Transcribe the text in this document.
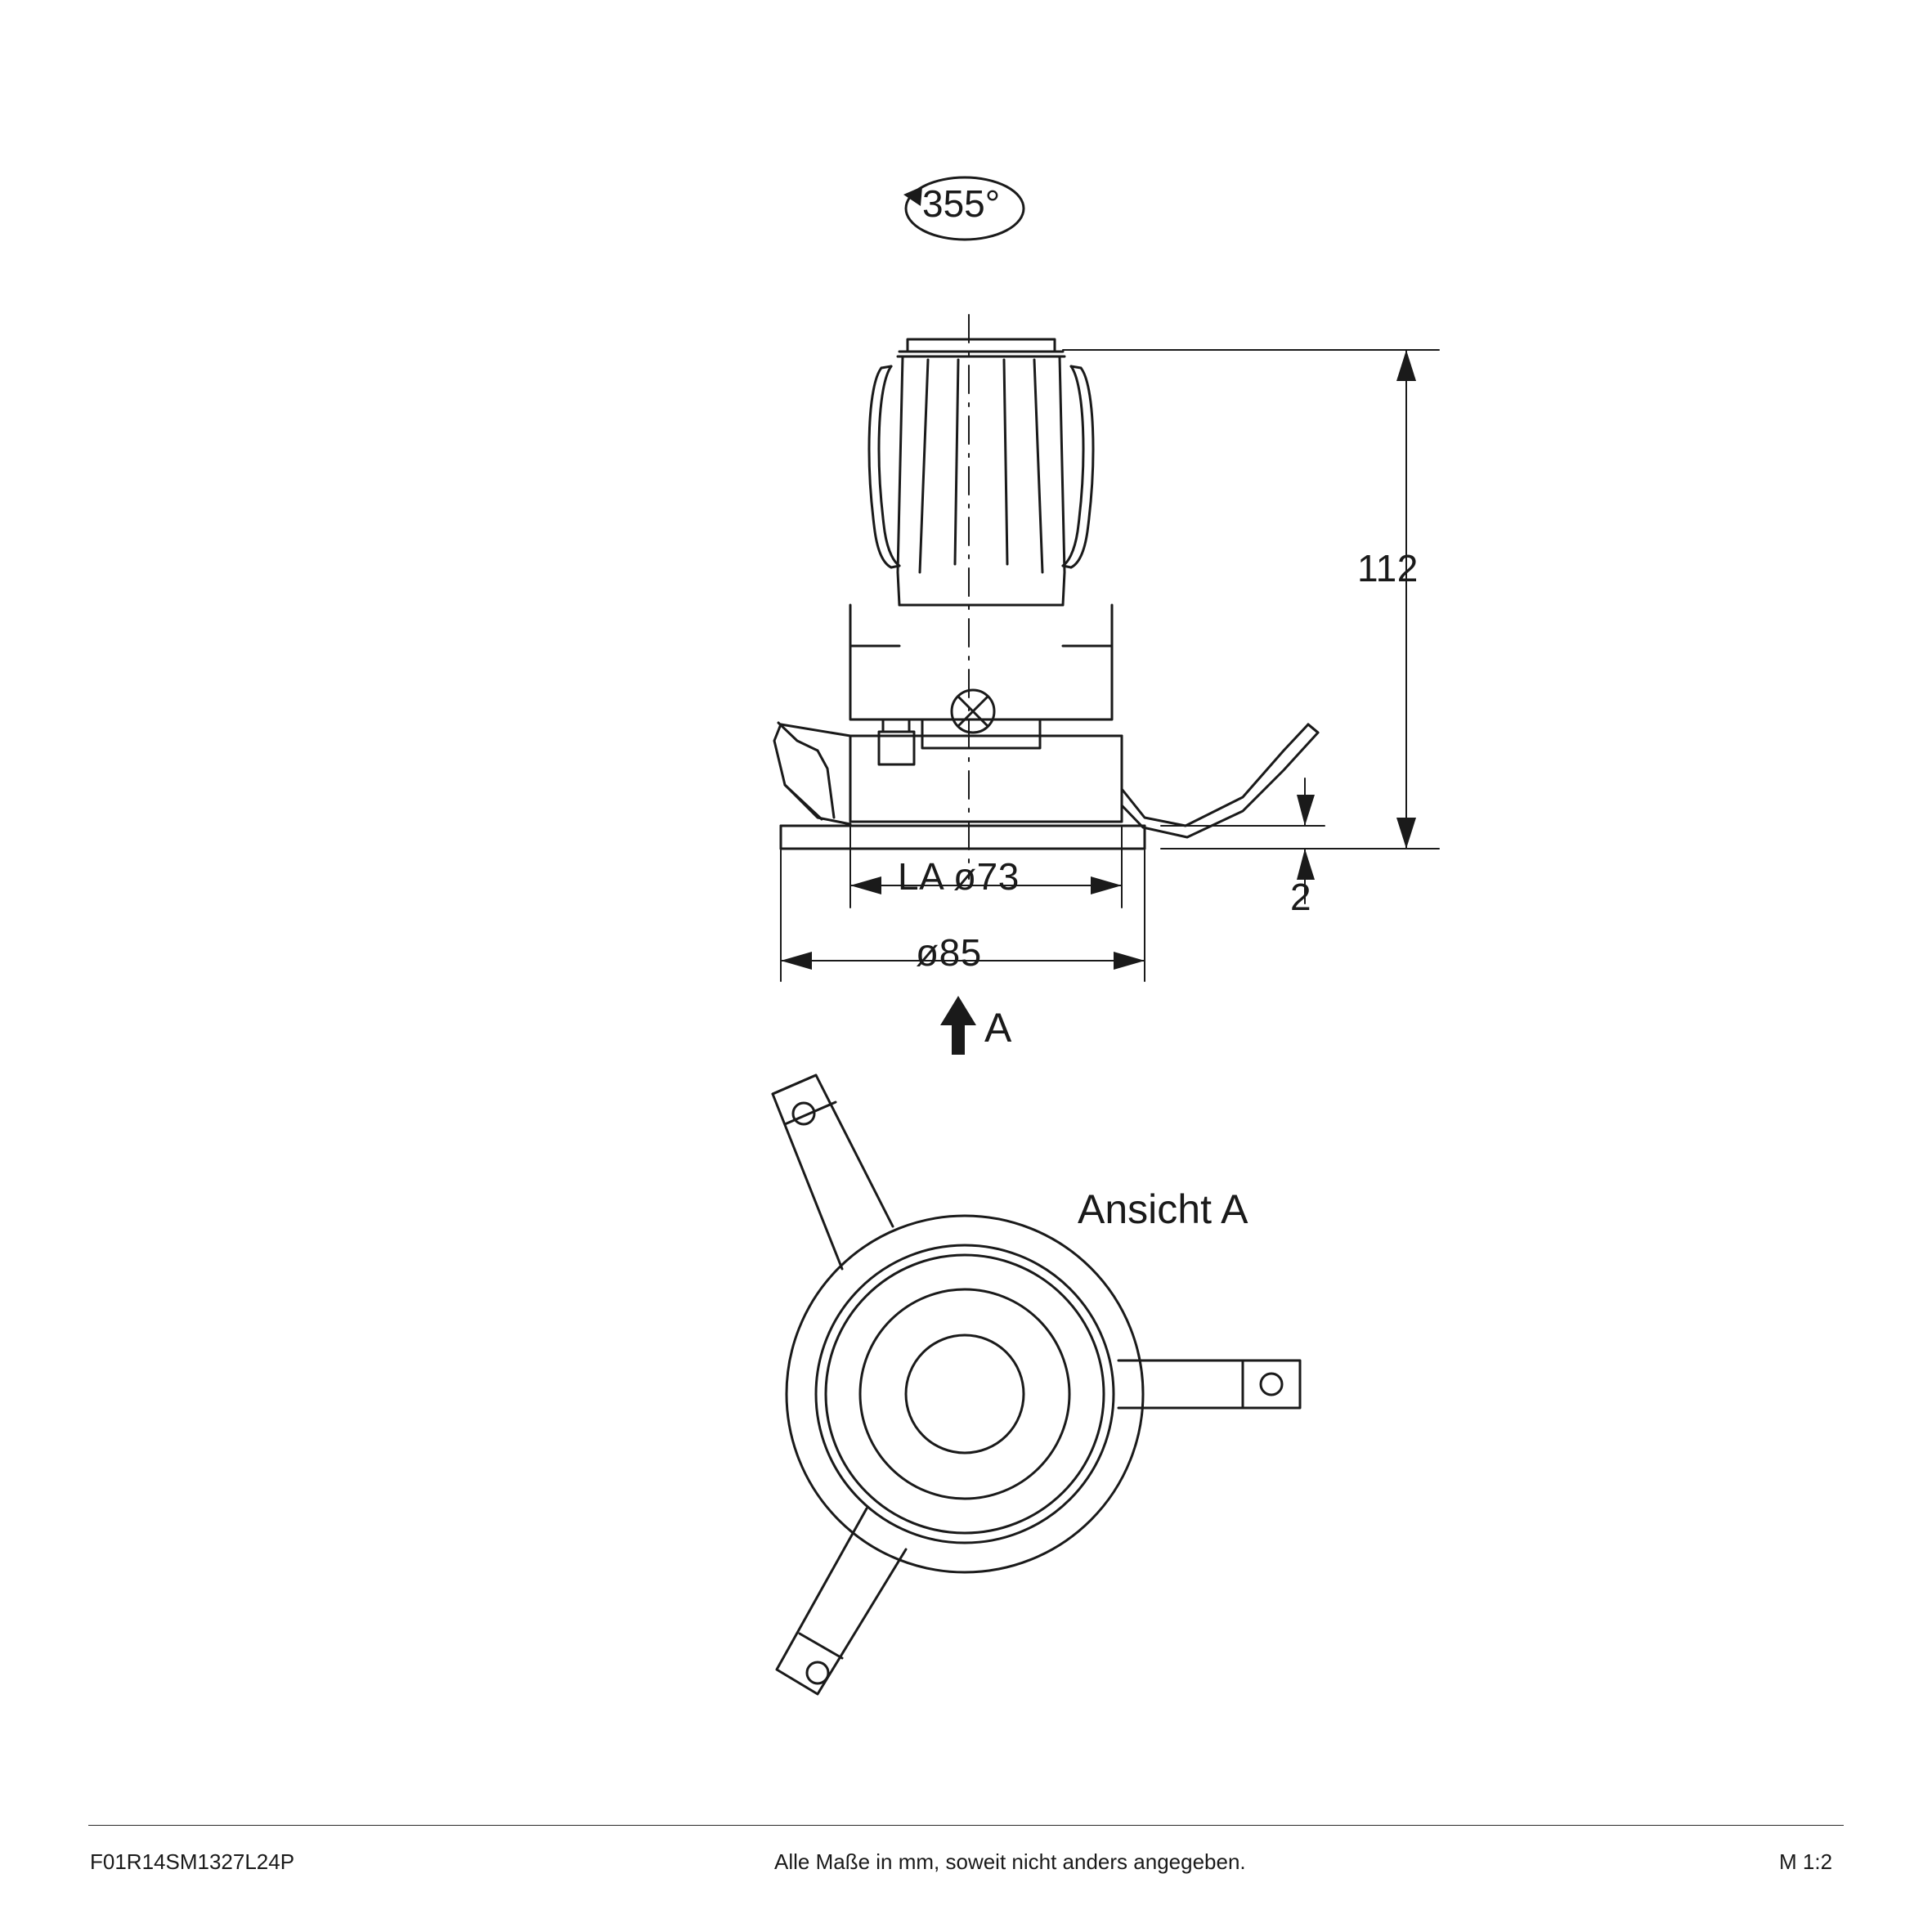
355°
112
2
LA ø73
ø85
A
Ansicht A
F01R14SM1327L24P	Alle Maße in mm, soweit nicht anders angegeben.	M 1:2
